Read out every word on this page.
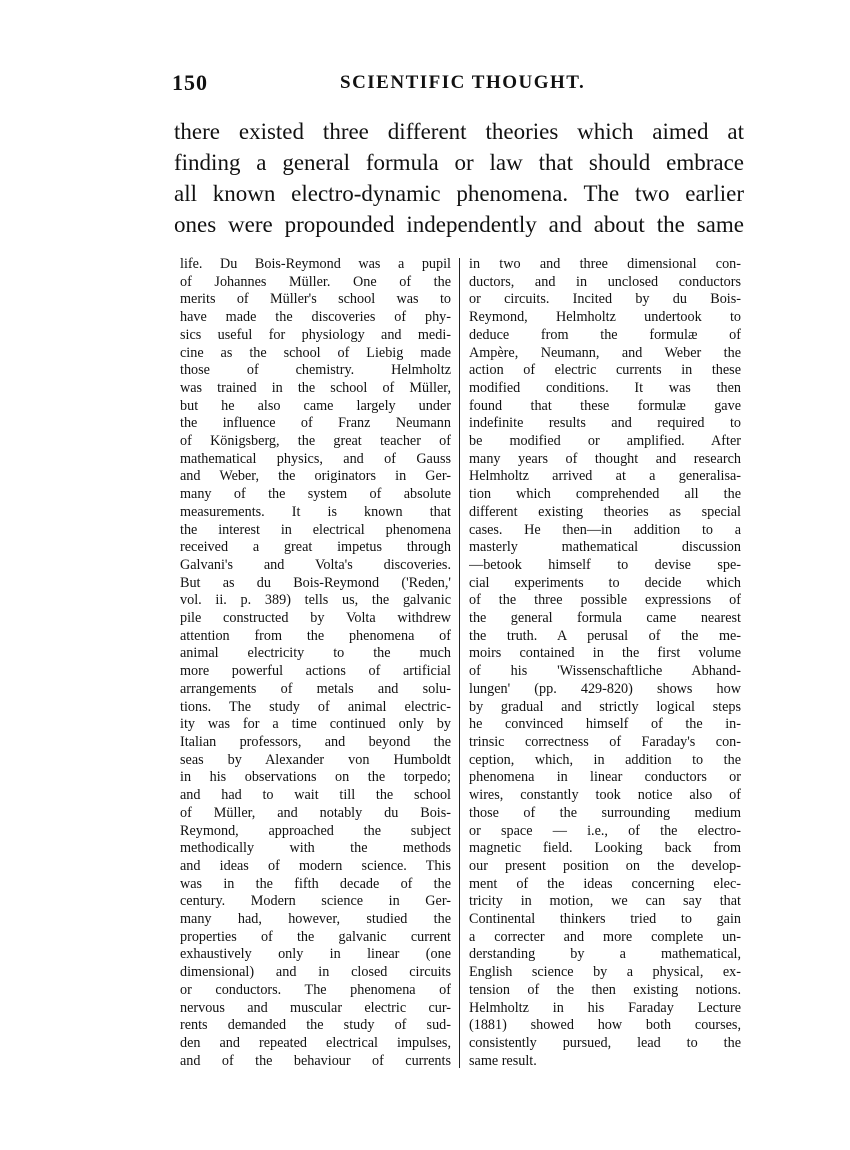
150	SCIENTIFIC THOUGHT.
there existed three different theories which aimed at
finding a general formula or law that should embrace
all known electro-dynamic phenomena. The two earlier
ones were propounded independently and about the same
life. Du Bois-Reymond was a pupil
of Johannes Müller. One of the
merits of Müller's school was to
have made the discoveries of phy-
sics useful for physiology and medi-
cine as the school of Liebig made
those of chemistry. Helmholtz
was trained in the school of Müller,
but he also came largely under
the influence of Franz Neumann
of Königsberg, the great teacher of
mathematical physics, and of Gauss
and Weber, the originators in Ger-
many of the system of absolute
measurements. It is known that
the interest in electrical phenomena
received a great impetus through
Galvani's and Volta's discoveries.
But as du Bois-Reymond ('Reden,'
vol. ii. p. 389) tells us, the galvanic
pile constructed by Volta withdrew
attention from the phenomena of
animal electricity to the much
more powerful actions of artificial
arrangements of metals and solu-
tions. The study of animal electric-
ity was for a time continued only by
Italian professors, and beyond the
seas by Alexander von Humboldt
in his observations on the torpedo;
and had to wait till the school
of Müller, and notably du Bois-
Reymond, approached the subject
methodically with the methods
and ideas of modern science. This
was in the fifth decade of the
century. Modern science in Ger-
many had, however, studied the
properties of the galvanic current
exhaustively only in linear (one
dimensional) and in closed circuits
or conductors. The phenomena of
nervous and muscular electric cur-
rents demanded the study of sud-
den and repeated electrical impulses,
and of the behaviour of currents
in two and three dimensional con-
ductors, and in unclosed conductors
or circuits. Incited by du Bois-
Reymond, Helmholtz undertook to
deduce from the formulæ of
Ampère, Neumann, and Weber the
action of electric currents in these
modified conditions. It was then
found that these formulæ gave
indefinite results and required to
be modified or amplified. After
many years of thought and research
Helmholtz arrived at a generalisa-
tion which comprehended all the
different existing theories as special
cases. He then—in addition to a
masterly mathematical discussion
—betook himself to devise spe-
cial experiments to decide which
of the three possible expressions of
the general formula came nearest
the truth. A perusal of the me-
moirs contained in the first volume
of his 'Wissenschaftliche Abhand-
lungen' (pp. 429-820) shows how
by gradual and strictly logical steps
he convinced himself of the in-
trinsic correctness of Faraday's con-
ception, which, in addition to the
phenomena in linear conductors or
wires, constantly took notice also of
those of the surrounding medium
or space — i.e., of the electro-
magnetic field. Looking back from
our present position on the develop-
ment of the ideas concerning elec-
tricity in motion, we can say that
Continental thinkers tried to gain
a correcter and more complete un-
derstanding by a mathematical,
English science by a physical, ex-
tension of the then existing notions.
Helmholtz in his Faraday Lecture
(1881) showed how both courses,
consistently pursued, lead to the
same result.
